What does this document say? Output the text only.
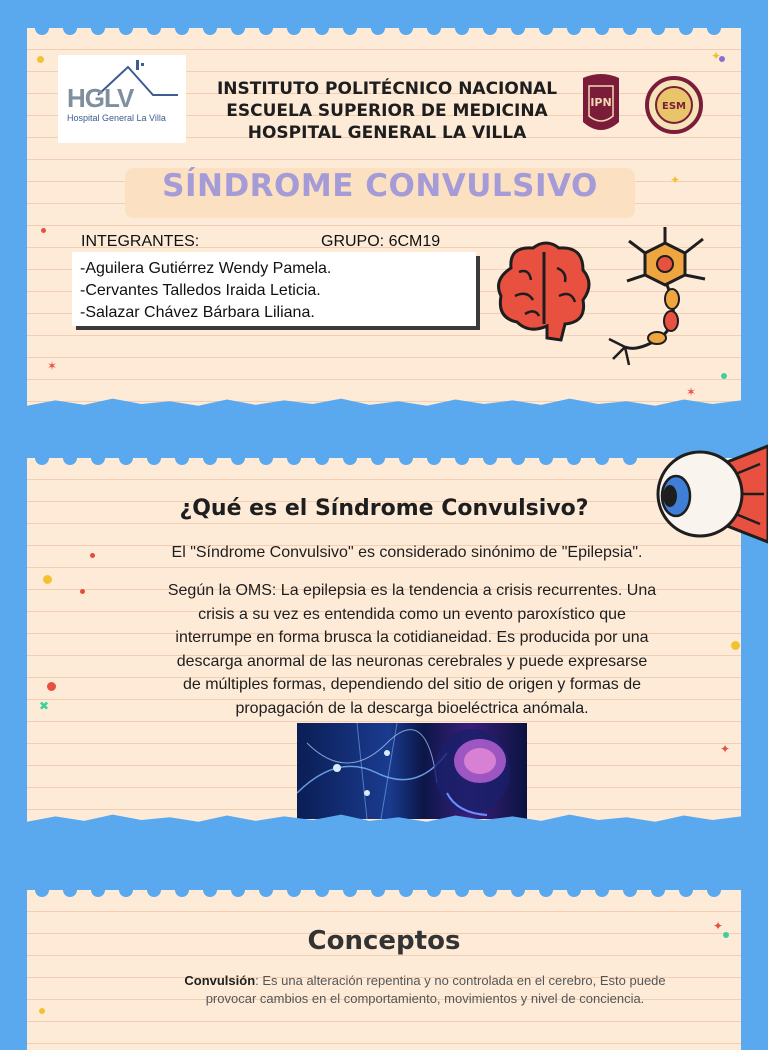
HGLV
Hospital General La Villa
INSTITUTO POLITÉCNICO NACIONAL
ESCUELA SUPERIOR DE MEDICINA
HOSPITAL GENERAL LA VILLA
IPN	ESM
SÍNDROME CONVULSIVO
INTEGRANTES:	GRUPO: 6CM19
-Aguilera Gutiérrez Wendy Pamela.
-Cervantes Talledos Iraida Leticia.
-Salazar Chávez Bárbara Liliana.
✦
✶
✦
✶
¿Qué es el Síndrome Convulsivo?
El "Síndrome Convulsivo" es considerado sinónimo de "Epilepsia".
Según la OMS: La epilepsia es la tendencia a crisis recurrentes. Una
crisis a su vez es entendida como un evento paroxístico que
interrumpe en forma brusca la cotidianeidad. Es producida por una
descarga anormal de las neuronas cerebrales y puede expresarse
de múltiples formas, dependiendo del sitio de origen y formas de
propagación de la descarga bioeléctrica anómala.
✖
✦
Conceptos
Convulsión: Es una alteración repentina y no controlada en el cerebro, Esto puede
provocar cambios en el comportamiento, movimientos y nivel de conciencia.
✦
